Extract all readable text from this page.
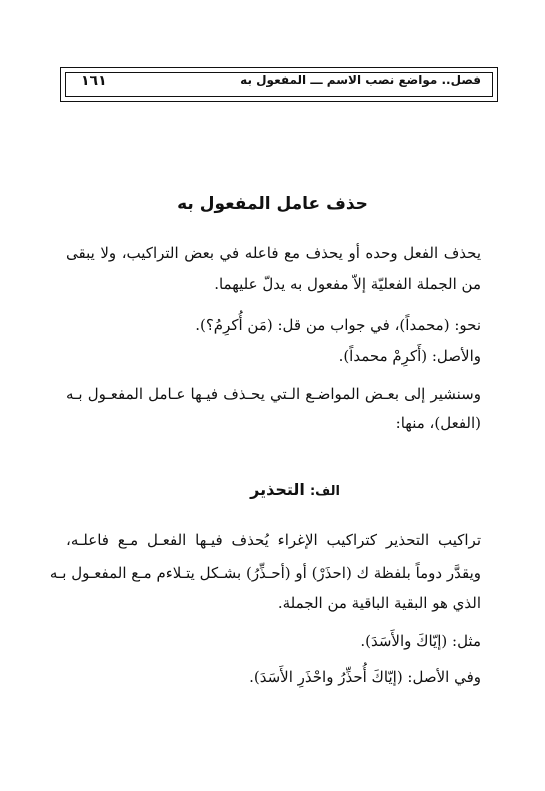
فصل.. مواضع نصب الاسم ـــ المفعول به
١٦١
حذف عامل المفعول به
يحذف الفعل وحده أو يحذف مع فاعله في بعض التراكيب، ولا يبقى
من الجملة الفعليّة إلاّ مفعول به يدلّ عليهما.
نحو: (محمداً)، في جواب من قل: (مَن أُكرِمُ؟).
والأصل: (أَكرِمْ محمداً).
وسنشير إلى بعـض المواضـع الـتي يحـذف فيـها عـامل المفعـول بـه
(الفعل)، منها:
الف: التحذير
تراكيب التحذير كتراكيب الإغراء يُحذف فيـها الفعـل مـع فاعلـه،
ويقدَّر دوماً بلفظة ك (احذَرْ) أو (أحـذِّرُ) بشـكل يتـلاءم مـع المفعـول بـه
الذي هو البقية الباقية من الجملة.
مثل: (إيّاكَ والأَسَدَ).
وفي الأصل: (إيّاكَ أُحذِّرُ واحْذَرِ الأَسَدَ).
